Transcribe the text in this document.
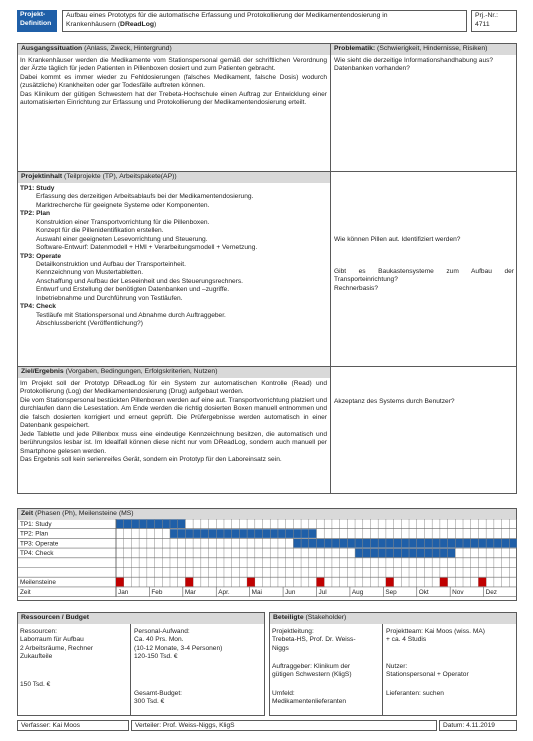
Projekt-
Definition
Aufbau eines Prototyps für die automatische Erfassung und Protokollierung der Medikamentendosierung in
Krankenhäusern (DReadLog)
Prj.-Nr.:
4711
Ausgangssituation (Anlass, Zweck, Hintergrund)

In Krankenhäuser werden die Medikamente vom Stationspersonal gemäß der schriftlichen Verordnung der Ärzte täglich für jeden Patienten in Pillenboxen dosiert und zum Patienten gebracht.

Dabei kommt es immer wieder zu Fehldosierungen (falsches Medikament, falsche Dosis) wodurch (zusätzliche) Krankheiten oder gar Todesfälle auftreten können.

Das Klinikum der gütigen Schwestern hat der Trebeta-Hochschule einen Auftrag zur Entwicklung einer automatisierten Einrichtung zur Erfassung und Protokollierung der Medikamentendosierung erteilt.

Problematik: (Schwierigkeit, Hindernisse, Risiken)

Wie sieht die derzeitige Informationshandhabung aus?

Datenbanken vorhanden?

Projektinhalt (Teilprojekte (TP), Arbeitspakete(AP))
TP1: Study
Erfassung des derzeitigen Arbeitsablaufs bei der Medikamentendosierung.
Marktrecherche für geeignete Systeme oder Komponenten.
TP2: Plan
Konstruktion einer Transportvorrichtung für die Pillenboxen.
Konzept für die Pillenidentifikation erstellen.
Auswahl einer geeigneten Lesevorrichtung und Steuerung.
Software-Entwurf: Datenmodell + HMI + Verarbeitungsmodell + Vernetzung.
TP3: Operate
Detailkonstruktion und Aufbau der Transporteinheit.
Kennzeichnung von Mustertabletten.
Anschaffung und Aufbau der Leseeinheit und des Steuerungsrechners.
Entwurf und Erstellung der benötigten Datenbanken und –zugriffe.
Inbetriebnahme und Durchführung von Testläufen.
TP4: Check
Testläufe mit Stationspersonal und Abnahme durch Auftraggeber.
Abschlussbericht (Veröffentlichung?)
Wie können Pillen aut. Identifiziert werden?

Gibt es Baukastensysteme zum Aufbau der Transporteinrichtung?

Rechnerbasis?

Ziel/Ergebnis (Vorgaben, Bedingungen, Erfolgskriterien, Nutzen)

Im Projekt soll der Prototyp DReadLog für ein System zur automatischen Kontrolle (Read) und Protokollierung (Log) der Medikamentendosierung (Drug) aufgebaut werden.

Die vom Stationspersonal bestückten Pillenboxen werden auf eine aut. Transportvorrichtung platziert und durchlaufen dann die Lesestation. Am Ende werden die richtig dosierten Boxen manuell entnommen und die falsch dosierten korrigiert und erneut geprüft. Die Prüfergebnisse werden automatisch in einer Datenbank gespeichert.

Jede Tablette und jede Pillenbox muss eine eindeutige Kennzeichnung besitzen, die automatisch und berührungslos lesbar ist. Im Idealfall können diese nicht nur vom DReadLog, sondern auch manuell per Smartphone gelesen werden.

Das Ergebnis soll kein serienreifes Gerät, sondern ein Prototyp für den Laboreinsatz sein.

Akzeptanz des Systems durch Benutzer?
Zeit (Phasen (Ph), Meilensteine (MS)
TP1: Study
TP2: Plan
TP3: Operate
TP4: Check
Meilensteine
Zeit	Jan	Feb	Mar	Apr.	Mai	Jun	Jul	Aug	Sep	Okt	Nov	Dez
Ressourcen / Budget	Beteiligte (Stakeholder)
Ressourcen:
Laborraum für Aufbau
2 Arbeitsräume, Rechner
Zukaufteile
150 Tsd. €
Personal-Aufwand:
Ca. 40 Prs. Mon.
(10-12 Monate, 3-4 Personen)
120-150 Tsd. €
Gesamt-Budget:
300 Tsd. €
Projektleitung:
Trebeta-HS, Prof. Dr. Weiss-
Niggs
Projektteam: Kai Moos (wiss. MA)
+ ca. 4 Studis
Auftraggeber: Klinikum der
gütigen Schwestern (KligS)
Nutzer:
Stationspersonal + Operator
Umfeld:
Medikamentenlieferanten
Lieferanten: suchen
Verfasser: Kai Moos	Verteiler: Prof. Weiss-Niggs, KligS	Datum: 4.11.2019
